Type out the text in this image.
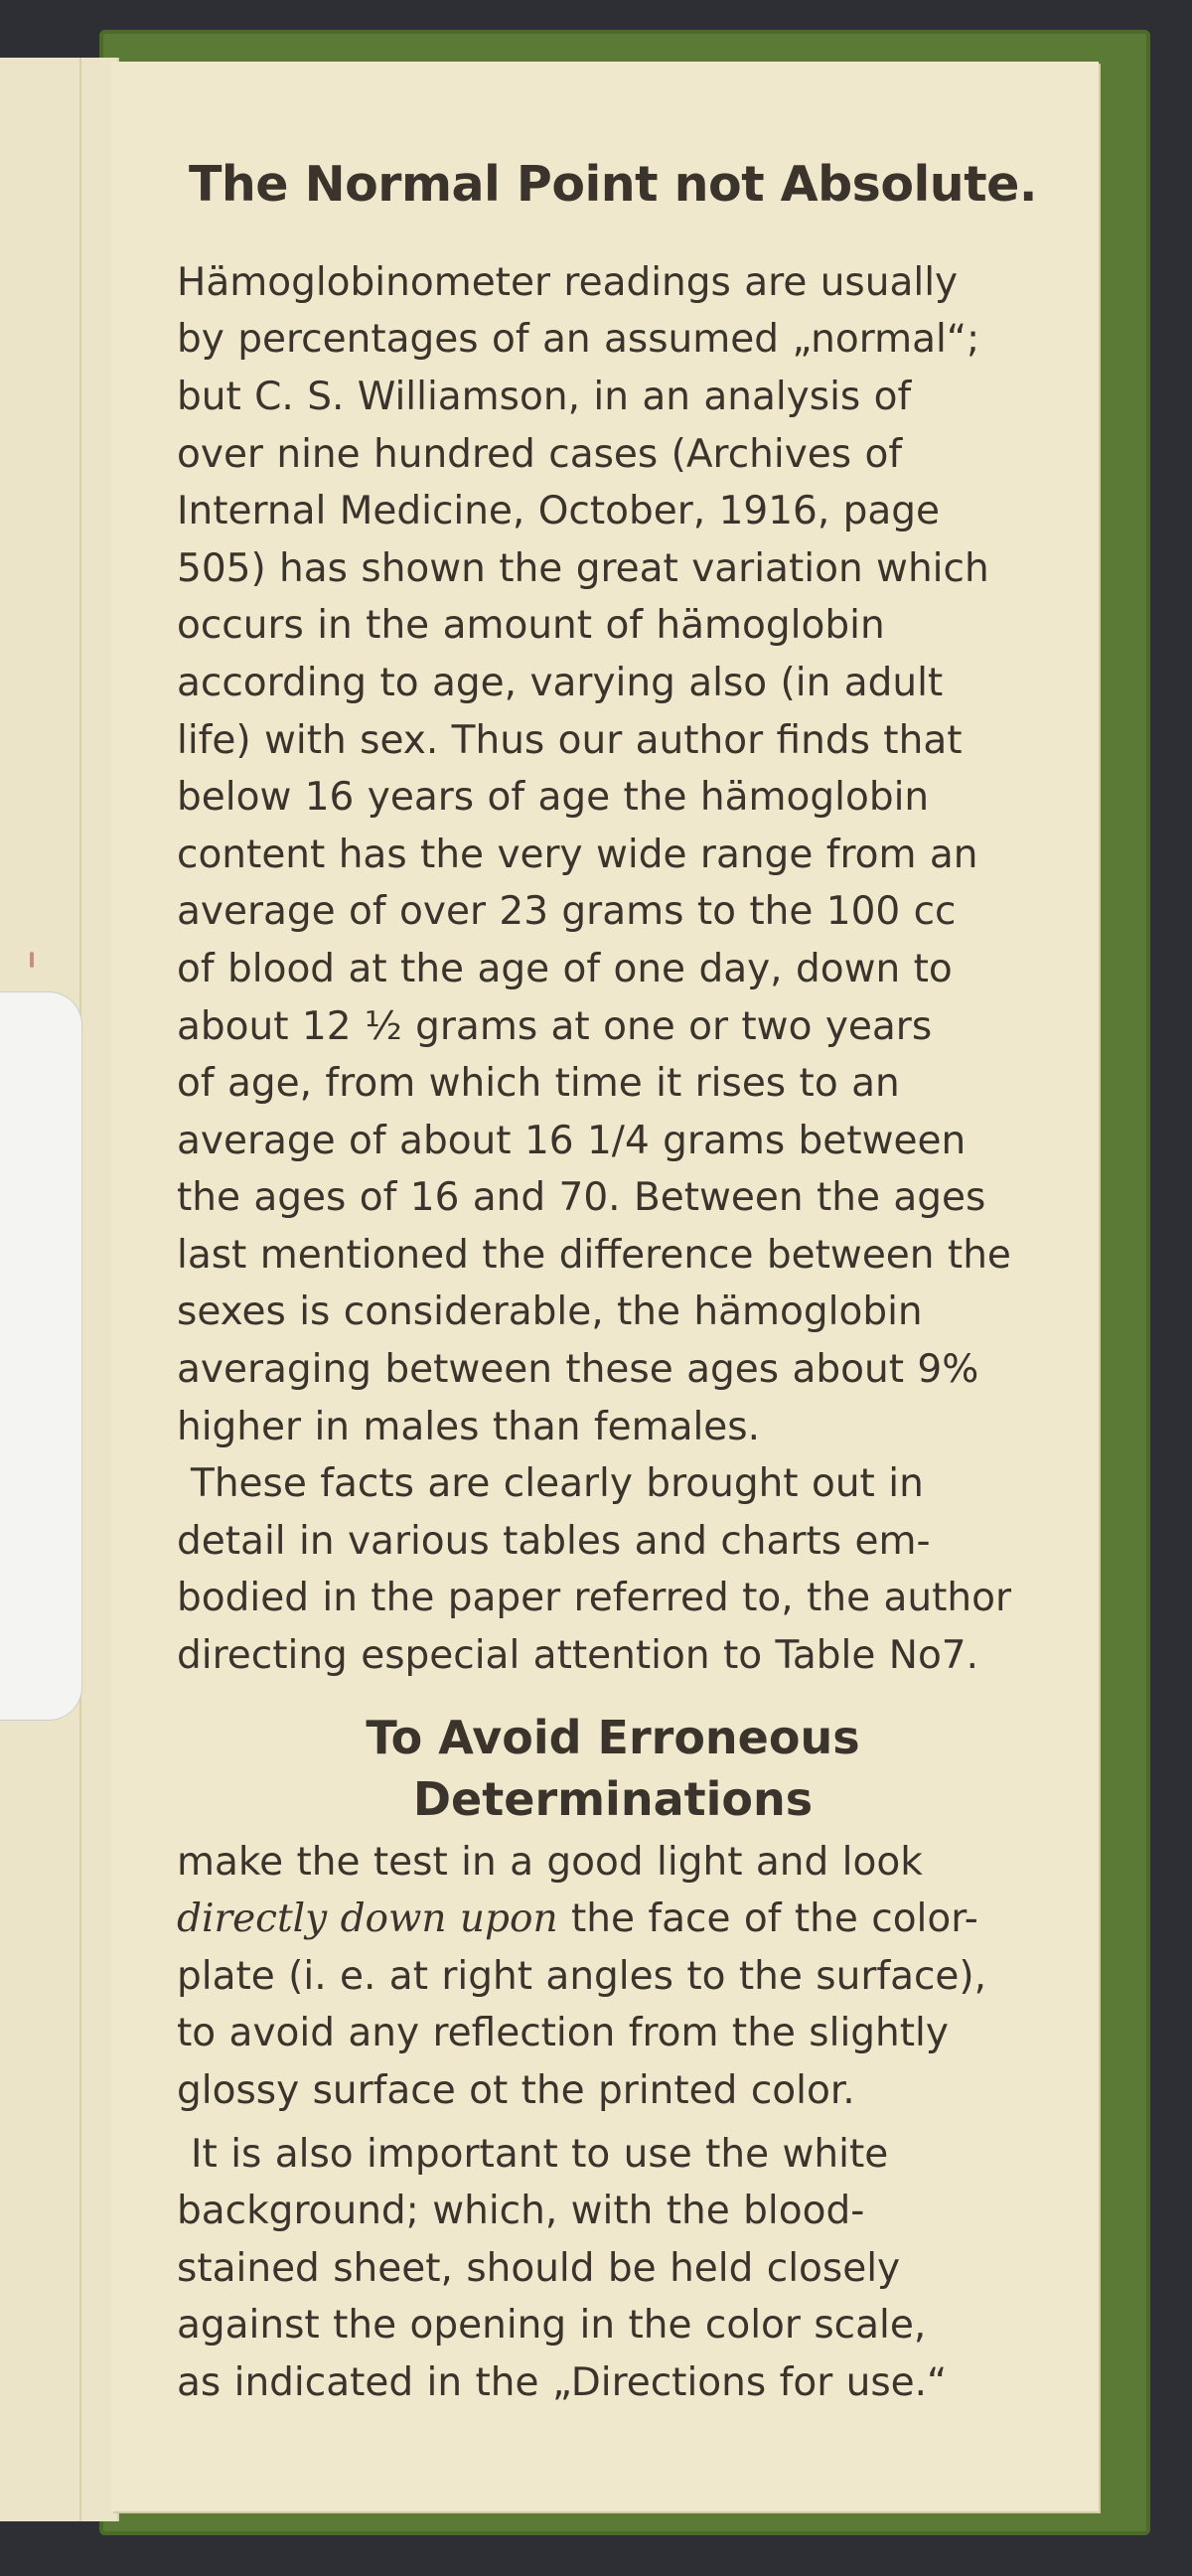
The Normal Point not Absolute.

Hämoglobinometer readings are usually
by percentages of an assumed „normal“;
but C. S. Williamson, in an analysis of
over nine hundred cases (Archives of
Internal Medicine, October, 1916, page
505) has shown the great variation which
occurs in the amount of hämoglobin
according to age, varying also (in adult
life) with sex. Thus our author finds that
below 16 years of age the hämoglobin
content has the very wide range from an
average of over 23 grams to the 100 cc
of blood at the age of one day, down to
about 12 ½ grams at one or two years
of age, from which time it rises to an
average of about 16 1/4 grams between
the ages of 16 and 70. Between the ages
last mentioned the difference between the
sexes is considerable, the hämoglobin
averaging between these ages about 9%
higher in males than females.

These facts are clearly brought out in
detail in various tables and charts em-
bodied in the paper referred to, the author
directing especial attention to Table No7.

To Avoid Erroneous
Determinations

make the test in a good light and look
directly down upon the face of the color-
plate (i. e. at right angles to the surface),
to avoid any reflection from the slightly
glossy surface ot the printed color.

It is also important to use the white
background; which, with the blood-
stained sheet, should be held closely
against the opening in the color scale,
as indicated in the „Directions for use.“
